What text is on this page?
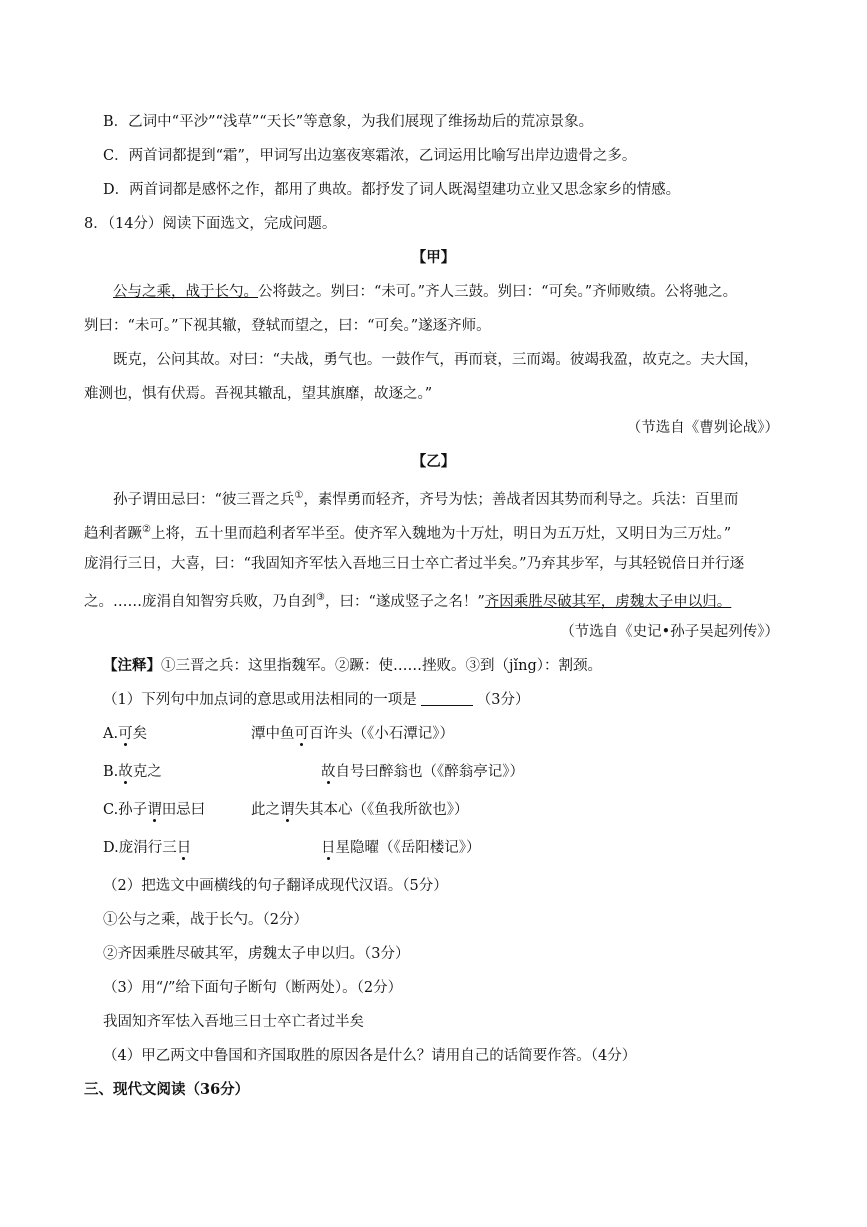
B．乙词中“平沙”“浅草”“天长”等意象，为我们展现了维扬劫后的荒凉景象。
C．两首词都提到“霜”，甲词写出边塞夜寒霜浓，乙词运用比喻写出岸边遗骨之多。
D．两首词都是感怀之作，都用了典故。都抒发了词人既渴望建功立业又思念家乡的情感。
8．（14分）阅读下面选文，完成问题。
【甲】
公与之乘，战于长勺。公将鼓之。刿曰：“未可。”齐人三鼓。刿曰：“可矣。”齐师败绩。公将驰之。
刿曰：“未可。”下视其辙，登轼而望之，曰：“可矣。”遂逐齐师。
既克，公问其故。对曰：“夫战，勇气也。一鼓作气，再而衰，三而竭。彼竭我盈，故克之。夫大国，
难测也，惧有伏焉。吾视其辙乱，望其旗靡，故逐之。”
（节选自《曹刿论战》）
【乙】
孙子谓田忌曰：“彼三晋之兵①，素悍勇而轻齐，齐号为怯；善战者因其势而利导之。兵法：百里而
趋利者蹶②上将，五十里而趋利者军半至。使齐军入魏地为十万灶，明日为五万灶，又明日为三万灶。”
庞涓行三日，大喜，曰：“我固知齐军怯入吾地三日士卒亡者过半矣。”乃弃其步军，与其轻锐倍日并行逐
之。……庞涓自知智穷兵败，乃自刭③，曰：“遂成竖子之名！”齐因乘胜尽破其军，虏魏太子申以归。
（节选自《史记•孙子吴起列传》）
【注释】①三晋之兵：这里指魏军。②蹶：使……挫败。③到（jǐng）：割颈。
（1）下列句中加点词的意思或用法相同的一项是	（3分）
A.可矣	潭中鱼可百许头（《小石潭记》）
B.故克之	故自号曰醉翁也（《醉翁亭记》）
C.孙子谓田忌曰	此之谓失其本心（《鱼我所欲也》）
D.庞涓行三日	日星隐曜（《岳阳楼记》）
（2）把选文中画横线的句子翻译成现代汉语。（5分）
①公与之乘，战于长勺。（2分）
②齐因乘胜尽破其军，虏魏太子申以归。（3分）
（3）用“/”给下面句子断句（断两处）。（2分）
我固知齐军怯入吾地三日士卒亡者过半矣
（4）甲乙两文中鲁国和齐国取胜的原因各是什么？请用自己的话简要作答。（4分）
三、现代文阅读（36分）
